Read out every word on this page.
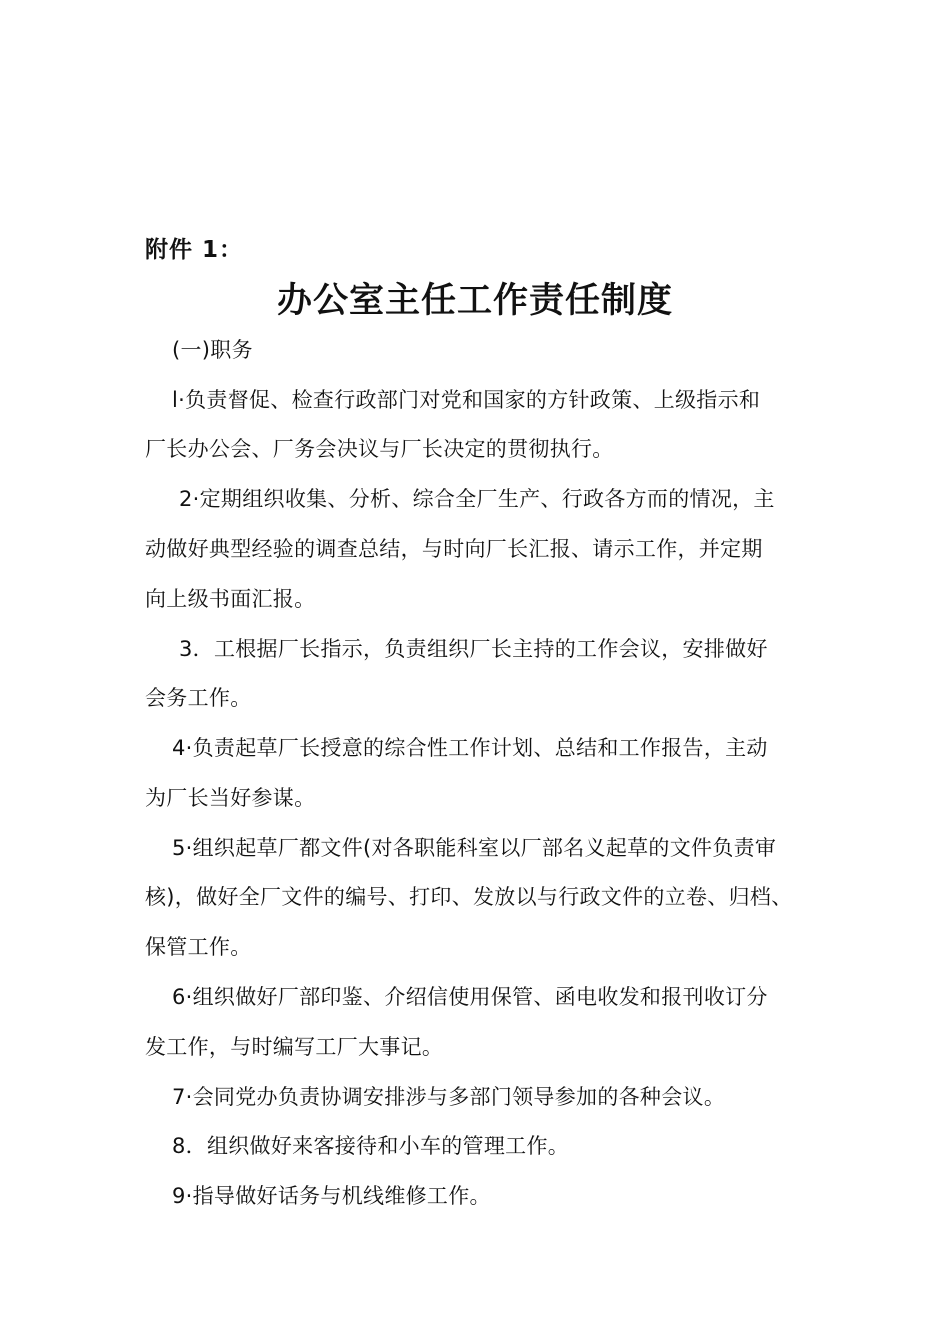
附件 1：
办公室主任工作责任制度
(一)职务
l·负责督促、检查行政部门对党和国家的方针政策、上级指示和
厂长办公会、厂务会决议与厂长决定的贯彻执行。
2·定期组织收集、分析、综合全厂生产、行政各方而的情况，主
动做好典型经验的调查总结，与时向厂长汇报、请示工作，并定期
向上级书面汇报。
3．工根据厂长指示，负责组织厂长主持的工作会议，安排做好
会务工作。
4·负责起草厂长授意的综合性工作计划、总结和工作报告，主动
为厂长当好参谋。
5·组织起草厂都文件(对各职能科室以厂部名义起草的文件负责审
核)，做好全厂文件的编号、打印、发放以与行政文件的立卷、归档、
保管工作。
6·组织做好厂部印鉴、介绍信使用保管、函电收发和报刊收订分
发工作，与时编写工厂大事记。
7·会同党办负责协调安排涉与多部门领导参加的各种会议。
8．组织做好来客接待和小车的管理工作。
9·指导做好话务与机线维修工作。
